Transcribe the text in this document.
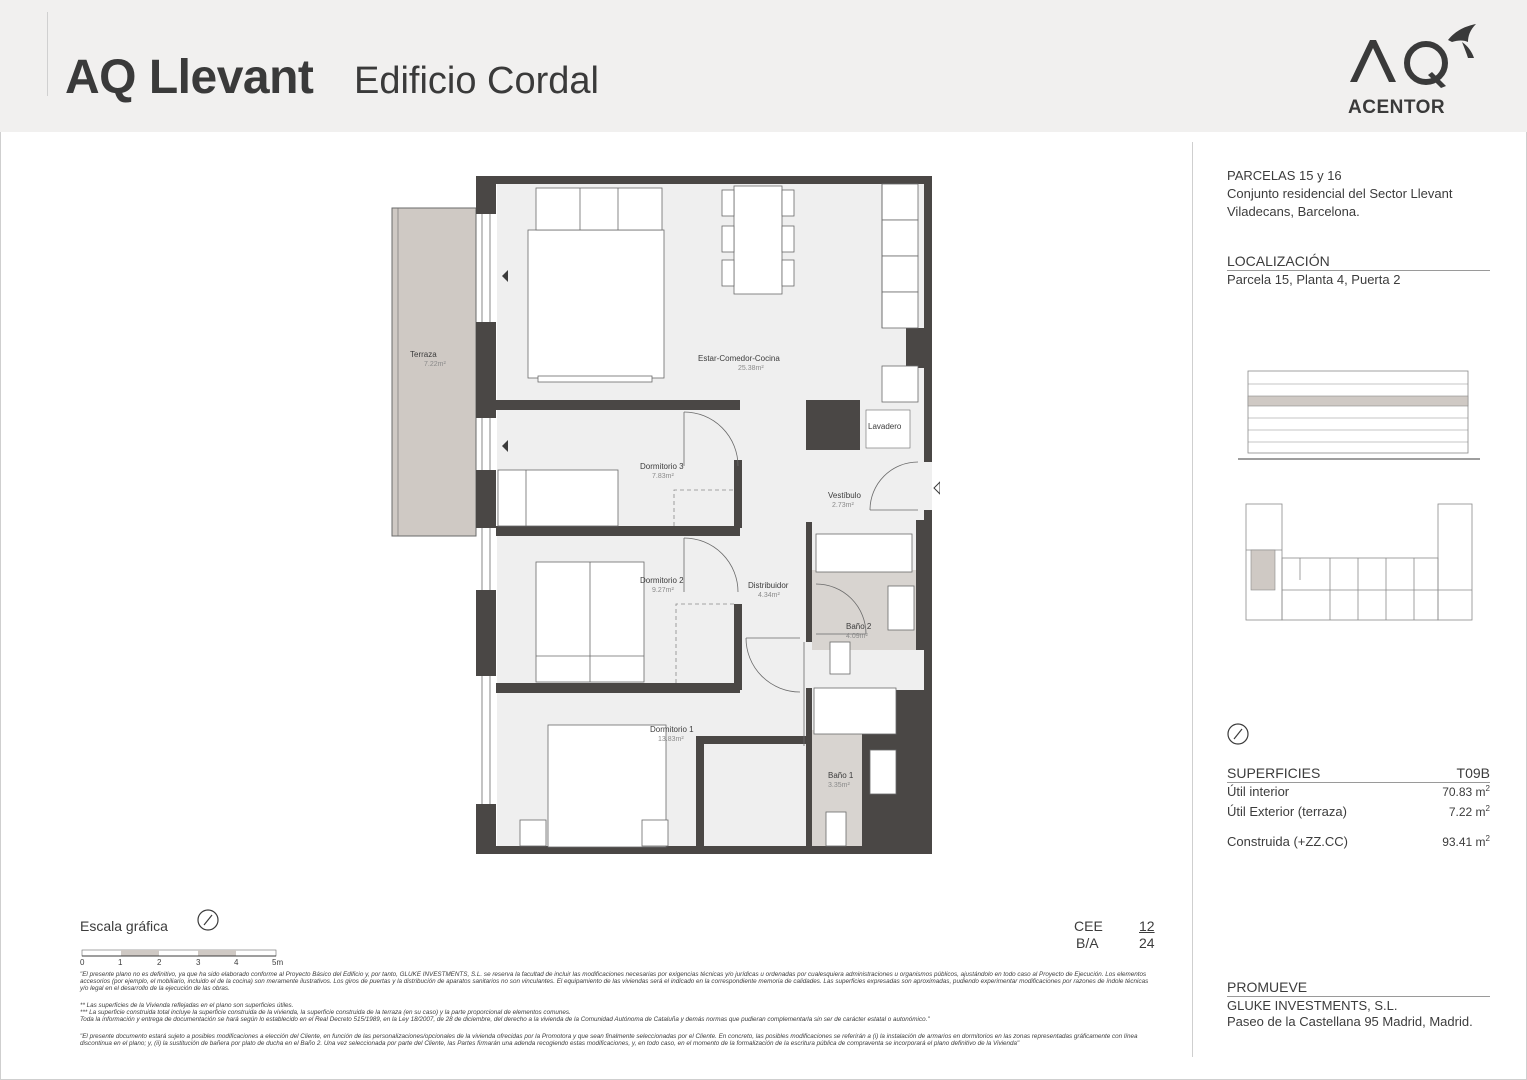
AQ Llevant Edificio Cordal
ACENTOR
PARCELAS 15 y 16
Conjunto residencial del Sector Llevant
Viladecans, Barcelona.
LOCALIZACIÓN
Parcela 15, Planta 4, Puerta 2
SUPERFICIES	T09B
Útil interior	70.83 $m^2$
Útil Exterior (terraza)	7.22 $m^2$
Construida (+ZZ.CC)	93.41 $m^2$
PROMUEVE
GLUKE INVESTMENTS, S.L.
Paseo de la Castellana 95 Madrid, Madrid.
Terraza
7.22m²
Estar-Comedor-Cocina
25.38m²
Lavadero
Dormitorio 3
7.83m²
Vestíbulo
2.73m²
Dormitorio 2
9.27m²
Distribuidor
4.34m²
Baño 2
4.09m²
Dormitorio 1
13.83m²
Baño 1
3.35m²
Escala gráfica
0	1	2	3	4	5m
CEE	12
B/A	24
"El presente plano no es definitivo, ya que ha sido elaborado conforme al Proyecto Básico del Edificio y, por tanto, GLUKE INVESTMENTS, S.L. se reserva la facultad de incluir las modificaciones necesarias por exigencias técnicas y/o jurídicas u ordenadas por cualesquiera administraciones u organismos públicos, ajustándolo en todo caso al Proyecto de Ejecución. Los elementos accesorios (por ejemplo, el mobiliario, incluido el de la cocina) son meramente ilustrativos. Los giros de puertas y la distribución de aparatos sanitarios no son vinculantes. El equipamiento de las viviendas será el indicado en la correspondiente memoria de calidades. Las superficies expresadas son aproximadas, pudiendo experimentar modificaciones por razones de índole técnicas y/o legal en el desarrollo de la ejecución de las obras.
** Las superficies de la Vivienda reflejadas en el plano son superficies útiles.
*** La superficie construida total incluye la superficie construida de la vivienda, la superficie construida de la terraza (en su caso) y la parte proporcional de elementos comunes.
Toda la información y entrega de documentación se hará según lo establecido en el Real Decreto 515/1989, en la Ley 18/2007, de 28 de diciembre, del derecho a la vivienda de la Comunidad Autónoma de Cataluña y demás normas que pudieran complementarla sin ser de carácter estatal o autonómico."
"El presente documento estará sujeto a posibles modificaciones a elección del Cliente, en función de las personalizaciones/opcionales de la vivienda ofrecidas por la Promotora y que sean finalmente seleccionadas por el Cliente. En concreto, las posibles modificaciones se referirán a (i) la instalación de armarios en dormitorios en las zonas representadas gráficamente con línea discontinua en el plano; y, (ii) la sustitución de bañera por plato de ducha en el Baño 2. Una vez seleccionada por parte del Cliente, las Partes firmarán una adenda recogiendo estas modificaciones, y, en todo caso, en el momento de la formalización de la escritura pública de compraventa se incorporará el plano definitivo de la Vivienda"
